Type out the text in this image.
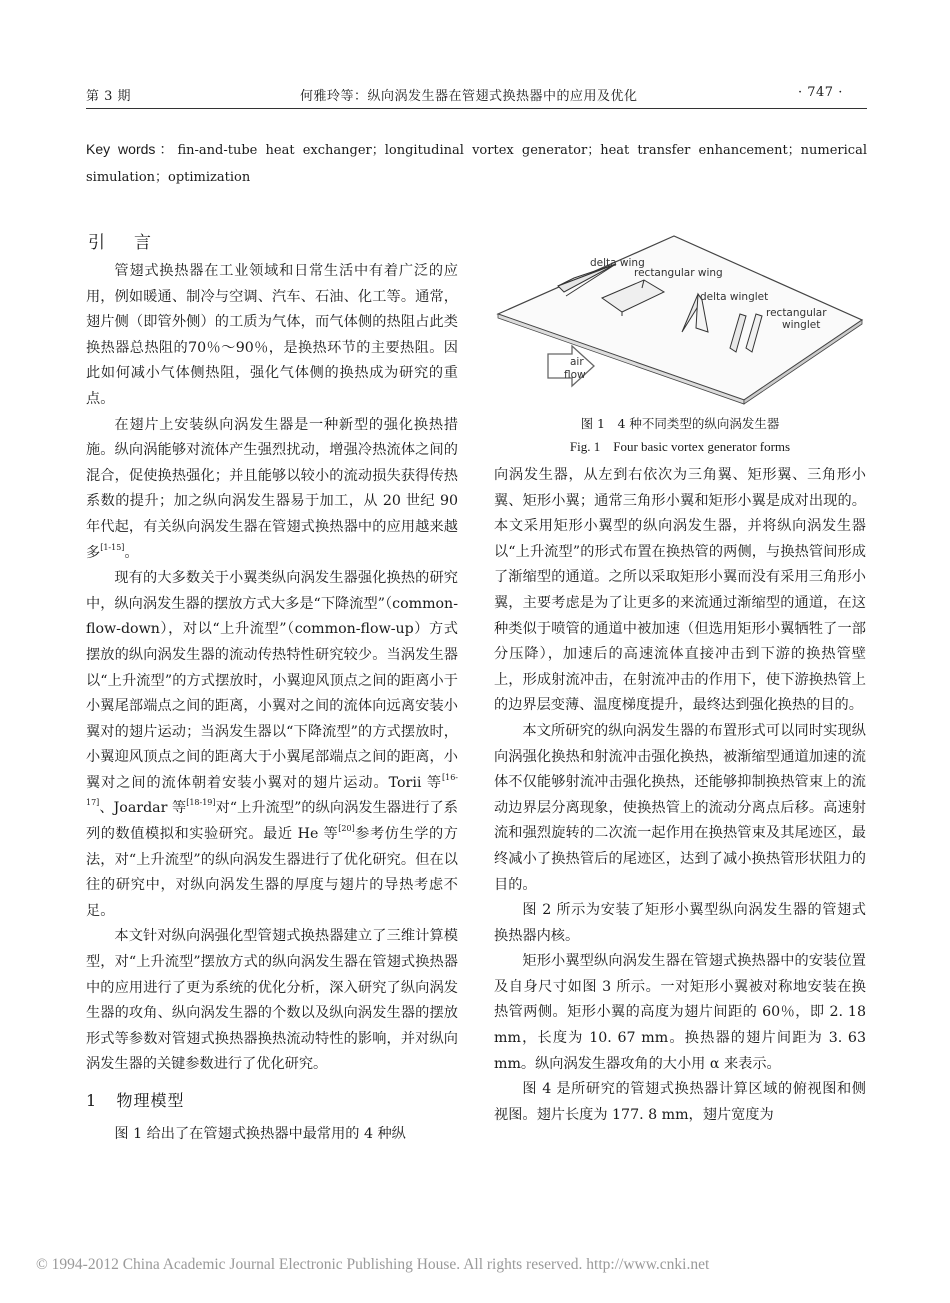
第 3 期	何雅玲等：纵向涡发生器在管翅式换热器中的应用及优化	· 747 ·
Key words：fin-and-tube heat exchanger；longitudinal vortex generator；heat transfer enhancement；numerical
simulation；optimization
引　言

管翅式换热器在工业领域和日常生活中有着广泛的应用，例如暖通、制冷与空调、汽车、石油、化工等。通常，翅片侧（即管外侧）的工质为气体，而气体侧的热阻占此类换热器总热阻的70％～90％，是换热环节的主要热阻。因此如何减小气体侧热阻，强化气体侧的换热成为研究的重点。

在翅片上安装纵向涡发生器是一种新型的强化换热措施。纵向涡能够对流体产生强烈扰动，增强冷热流体之间的混合，促使换热强化；并且能够以较小的流动损失获得传热系数的提升；加之纵向涡发生器易于加工，从 20 世纪 90 年代起，有关纵向涡发生器在管翅式换热器中的应用越来越多[1-15]。

现有的大多数关于小翼类纵向涡发生器强化换热的研究中，纵向涡发生器的摆放方式大多是“下降流型”（common-flow-down），对以“上升流型”（common-flow-up）方式摆放的纵向涡发生器的流动传热特性研究较少。当涡发生器以“上升流型”的方式摆放时，小翼迎风顶点之间的距离小于小翼尾部端点之间的距离，小翼对之间的流体向远离安装小翼对的翅片运动；当涡发生器以“下降流型”的方式摆放时，小翼迎风顶点之间的距离大于小翼尾部端点之间的距离，小翼对之间的流体朝着安装小翼对的翅片运动。Torii 等[16-17]、Joardar 等[18-19]对“上升流型”的纵向涡发生器进行了系列的数值模拟和实验研究。最近 He 等[20]参考仿生学的方法，对“上升流型”的纵向涡发生器进行了优化研究。但在以往的研究中，对纵向涡发生器的厚度与翅片的导热考虑不足。

本文针对纵向涡强化型管翅式换热器建立了三维计算模型，对“上升流型”摆放方式的纵向涡发生器在管翅式换热器中的应用进行了更为系统的优化分析，深入研究了纵向涡发生器的攻角、纵向涡发生器的个数以及纵向涡发生器的摆放形式等参数对管翅式换热器换热流动特性的影响，并对纵向涡发生器的关键参数进行了优化研究。

1 物理模型

图 1 给出了在管翅式换热器中最常用的 4 种纵

air
flow
delta wing
rectangular wing
delta winglet
rectangular
winglet
图 1　4 种不同类型的纵向涡发生器
Fig. 1　Four basic vortex generator forms

向涡发生器，从左到右依次为三角翼、矩形翼、三角形小翼、矩形小翼；通常三角形小翼和矩形小翼是成对出现的。本文采用矩形小翼型的纵向涡发生器，并将纵向涡发生器以“上升流型”的形式布置在换热管的两侧，与换热管间形成了渐缩型的通道。之所以采取矩形小翼而没有采用三角形小翼，主要考虑是为了让更多的来流通过渐缩型的通道，在这种类似于喷管的通道中被加速（但选用矩形小翼牺牲了一部分压降），加速后的高速流体直接冲击到下游的换热管壁上，形成射流冲击，在射流冲击的作用下，使下游换热管上的边界层变薄、温度梯度提升，最终达到强化换热的目的。

本文所研究的纵向涡发生器的布置形式可以同时实现纵向涡强化换热和射流冲击强化换热，被渐缩型通道加速的流体不仅能够射流冲击强化换热，还能够抑制换热管束上的流动边界层分离现象，使换热管上的流动分离点后移。高速射流和强烈旋转的二次流一起作用在换热管束及其尾迹区，最终减小了换热管后的尾迹区，达到了减小换热管形状阻力的目的。

图 2 所示为安装了矩形小翼型纵向涡发生器的管翅式换热器内核。

矩形小翼型纵向涡发生器在管翅式换热器中的安装位置及自身尺寸如图 3 所示。一对矩形小翼被对称地安装在换热管两侧。矩形小翼的高度为翅片间距的 60％，即 2. 18 mm，长度为 10. 67 mm。换热器的翅片间距为 3. 63 mm。纵向涡发生器攻角的大小用 α 来表示。

图 4 是所研究的管翅式换热器计算区域的俯视图和侧视图。翅片长度为 177. 8 mm，翅片宽度为

© 1994-2012 China Academic Journal Electronic Publishing House. All rights reserved. http://www.cnki.net
